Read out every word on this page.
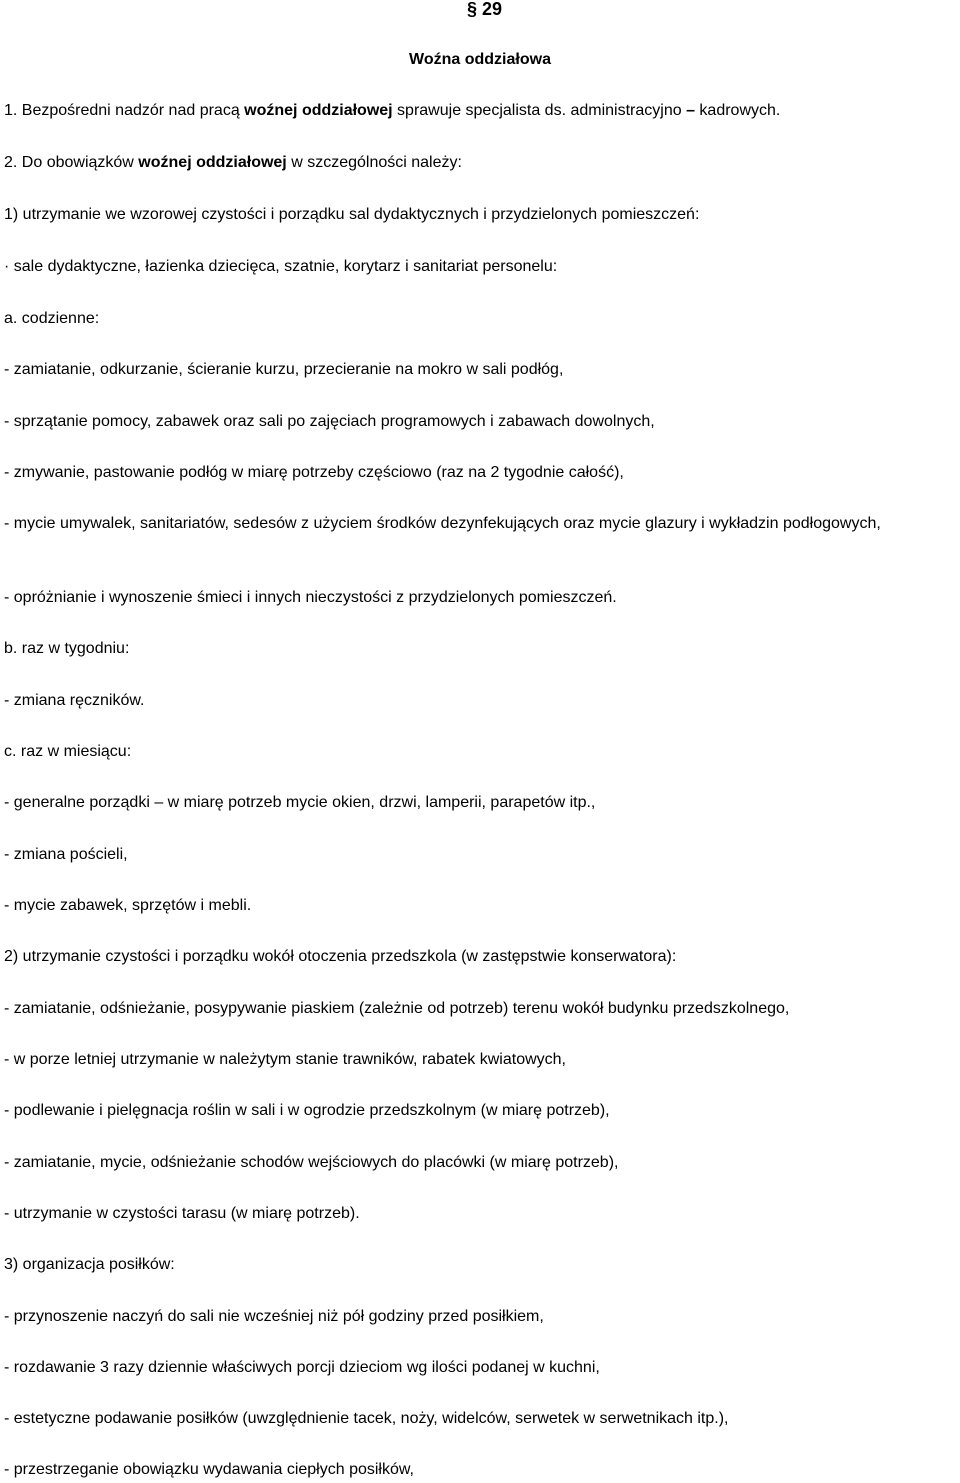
§ 29
Woźna oddziałowa
1. Bezpośredni nadzór nad pracą woźnej oddziałowej sprawuje specjalista ds. administracyjno – kadrowych.
2. Do obowiązków woźnej oddziałowej w szczególności należy:
1) utrzymanie we wzorowej czystości i porządku sal dydaktycznych i przydzielonych pomieszczeń:
· sale dydaktyczne, łazienka dziecięca, szatnie, korytarz i sanitariat personelu:
a. codzienne:
- zamiatanie, odkurzanie, ścieranie kurzu, przecieranie na mokro w sali podłóg,
- sprzątanie pomocy, zabawek oraz sali po zajęciach programowych i zabawach dowolnych,
- zmywanie, pastowanie podłóg w miarę potrzeby częściowo (raz na 2 tygodnie całość),
- mycie umywalek, sanitariatów, sedesów z użyciem środków dezynfekujących oraz mycie glazury i wykładzin podłogowych,
- opróżnianie i wynoszenie śmieci i innych nieczystości z przydzielonych pomieszczeń.
b. raz w tygodniu:
- zmiana ręczników.
c. raz w miesiącu:
- generalne porządki – w miarę potrzeb mycie okien, drzwi, lamperii, parapetów itp.,
- zmiana pościeli,
- mycie zabawek, sprzętów i mebli.
2) utrzymanie czystości i porządku wokół otoczenia przedszkola (w zastępstwie konserwatora):
- zamiatanie, odśnieżanie, posypywanie piaskiem (zależnie od potrzeb) terenu wokół budynku przedszkolnego,
- w porze letniej utrzymanie w należytym stanie trawników, rabatek kwiatowych,
- podlewanie i pielęgnacja roślin w sali i w ogrodzie przedszkolnym (w miarę potrzeb),
- zamiatanie, mycie, odśnieżanie schodów wejściowych do placówki (w miarę potrzeb),
- utrzymanie w czystości tarasu (w miarę potrzeb).
3) organizacja posiłków:
- przynoszenie naczyń do sali nie wcześniej niż pół godziny przed posiłkiem,
- rozdawanie 3 razy dziennie właściwych porcji dzieciom wg ilości podanej w kuchni,
- estetyczne podawanie posiłków (uwzględnienie tacek, noży, widelców, serwetek w serwetnikach itp.),
- przestrzeganie obowiązku wydawania ciepłych posiłków,
